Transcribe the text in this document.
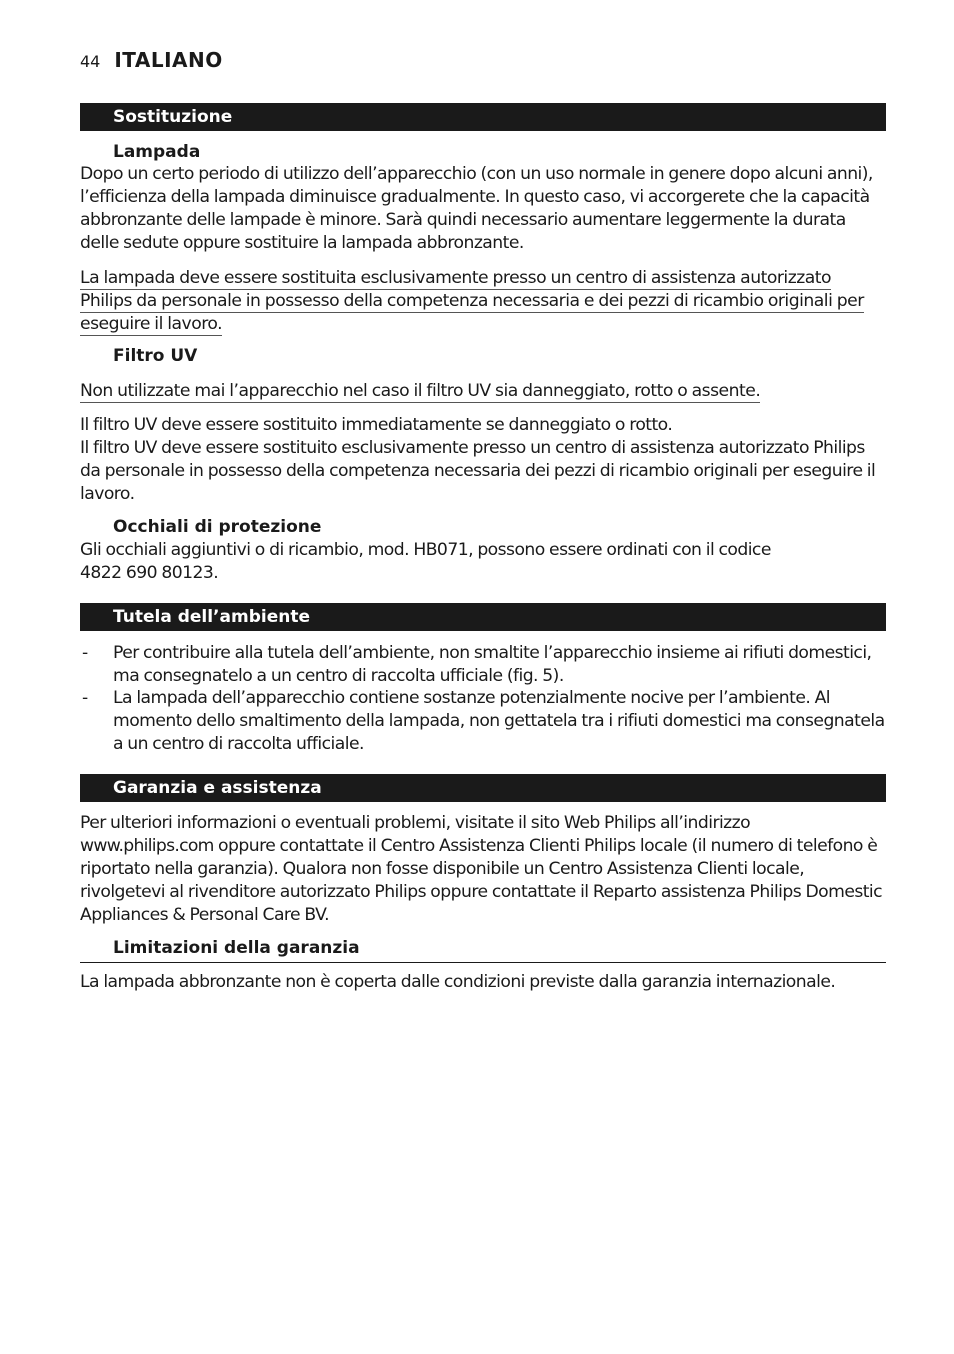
44 ITALIANO
Sostituzione
Lampada
Dopo un certo periodo di utilizzo dell’apparecchio (con un uso normale in genere dopo alcuni anni), l’efficienza della lampada diminuisce gradualmente. In questo caso, vi accorgerete che la capacità abbronzante delle lampade è minore. Sarà quindi necessario aumentare leggermente la durata delle sedute oppure sostituire la lampada abbronzante.
La lampada deve essere sostituita esclusivamente presso un centro di assistenza autorizzato
Philips da personale in possesso della competenza necessaria e dei pezzi di ricambio originali per
eseguire il lavoro.
Filtro UV
Non utilizzate mai l’apparecchio nel caso il filtro UV sia danneggiato, rotto o assente.
Il filtro UV deve essere sostituito immediatamente se danneggiato o rotto.
Il filtro UV deve essere sostituito esclusivamente presso un centro di assistenza autorizzato Philips da personale in possesso della competenza necessaria dei pezzi di ricambio originali per eseguire il lavoro.
Occhiali di protezione
Gli occhiali aggiuntivi o di ricambio, mod. HB071, possono essere ordinati con il codice
4822 690 80123.
Tutela dell’ambiente
- Per contribuire alla tutela dell’ambiente, non smaltite l’apparecchio insieme ai rifiuti domestici, ma consegnatelo a un centro di raccolta ufficiale (fig. 5).
- La lampada dell’apparecchio contiene sostanze potenzialmente nocive per l’ambiente. Al momento dello smaltimento della lampada, non gettatela tra i rifiuti domestici ma consegnatela a un centro di raccolta ufficiale.
Garanzia e assistenza
Per ulteriori informazioni o eventuali problemi, visitate il sito Web Philips all’indirizzo www.philips.com oppure contattate il Centro Assistenza Clienti Philips locale (il numero di telefono è riportato nella garanzia). Qualora non fosse disponibile un Centro Assistenza Clienti locale, rivolgetevi al rivenditore autorizzato Philips oppure contattate il Reparto assistenza Philips Domestic Appliances & Personal Care BV.
Limitazioni della garanzia
La lampada abbronzante non è coperta dalle condizioni previste dalla garanzia internazionale.
